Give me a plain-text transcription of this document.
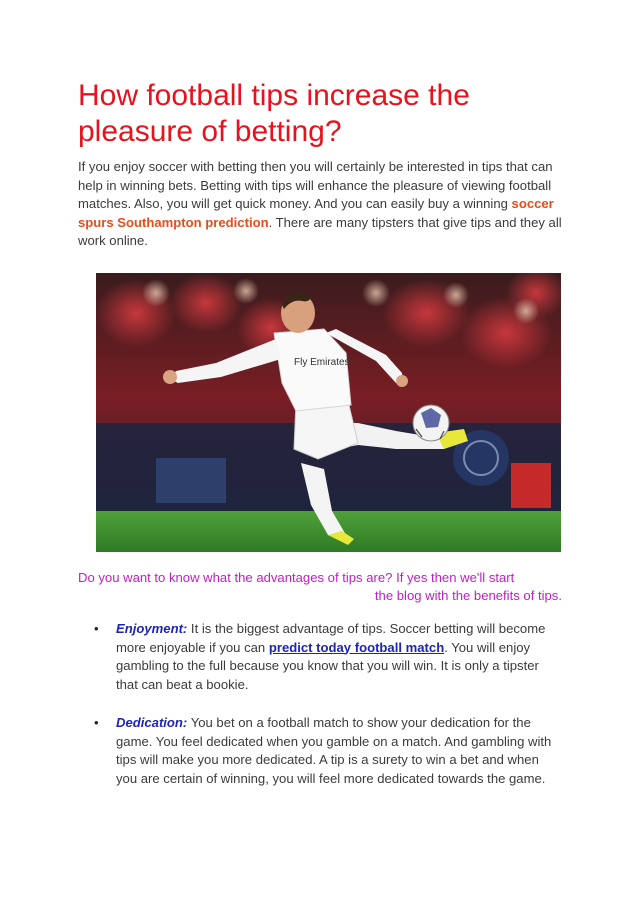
How football tips increase the pleasure of betting?

If you enjoy soccer with betting then you will certainly be interested in tips that can help in winning bets. Betting with tips will enhance the pleasure of viewing football matches. Also, you will get quick money. And you can easily buy a winning soccer spurs Southampton prediction. There are many tipsters that give tips and they all work online.

Fly Emirates
Do you want to know what the advantages of tips are? If yes then we'll start
the blog with the benefits of tips.
• Enjoyment: It is the biggest advantage of tips. Soccer betting will become more enjoyable if you can predict today football match. You will enjoy gambling to the full because you know that you will win. It is only a tipster that can beat a bookie.
• Dedication: You bet on a football match to show your dedication for the game. You feel dedicated when you gamble on a match. And gambling with tips will make you more dedicated. A tip is a surety to win a bet and when you are certain of winning, you will feel more dedicated towards the game.
